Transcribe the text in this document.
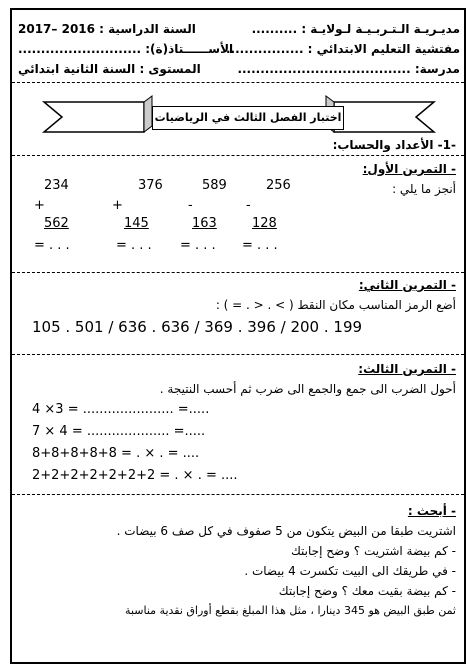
مديـريـة الـتـربـيـة لـولايـة : ..........
السنة الدراسية : 2016 –2017
مفتشية التعليم الابتدائي : .................
الأســــــتاذ(ة): ...........................
مدرسة: ......................................
المستوى : السنة الثانية ابتدائي
اختبار الفصل الثالث في الرياضيات
-1- الأعداد والحساب:
- التمرين الأول:
أنجز ما يلي :
234
+
562
= . . .
376
+
145
= . . .
589
-
163
= . . .
256
-
128
= . . .
- التمرين الثاني:
أضع الرمز المناسب مكان النقط ( > . < . = ) :
105 . 501 / 636 . 636 / 369 . 396 / 200 . 199
- التمرين الثالث:
أحول الضرب الى جمع والجمع الى ضرب ثم أحسب النتيجة .
4 ×3 = ...................... =.....
7 × 4 = .................... =.....
8+8+8+8+8 = . × . = ....
2+2+2+2+2+2+2 = . × . = ....
- أبحث :
اشتريت طبقا من البيض يتكون من 5 صفوف في كل صف 6 بيضات .
- كم بيضة اشتريت ؟ وضح إجابتك
- في طريقك الى البيت تكسرت 4 بيضات .
- كم بيضة بقيت معك ؟ وضح إجابتك
ثمن طبق البيض هو 345 دينارا ، مثل هذا المبلغ بقطع أوراق نقدية مناسبة
